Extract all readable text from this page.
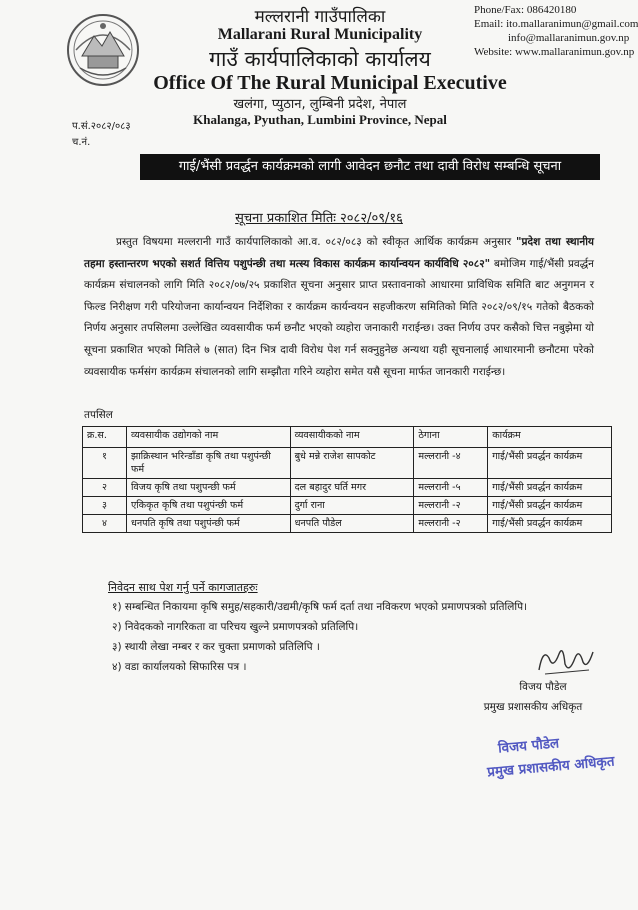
मल्लरानी गाउँपालिका
Mallarani Rural Municipality
गाउँ कार्यपालिकाको कार्यालय
Office Of The Rural Municipal Executive
खलंगा, प्युठान, लुम्बिनी प्रदेश, नेपाल
Khalanga, Pyuthan, Lumbini Province, Nepal
Phone/Fax: 086420180
Email: ito.mallaranimun@gmail.com
info@mallaranimun.gov.np
Website: www.mallaranimun.gov.np
प.सं.२०८२/०८३
च.नं.
गाई/भैंसी प्रवर्द्धन कार्यक्रमको लागी आवेदन छनौट तथा दावी विरोध सम्बन्धि सूचना
सूचना प्रकाशित मितिः २०८२/०९/१६
प्रस्तुत विषयमा मल्लरानी गाउँ कार्यपालिकाको आ.व. ०८२/०८३ को स्वीकृत आर्थिक कार्यक्रम अनुसार "प्रदेश तथा स्थानीय तहमा हस्तान्तरण भएको सशर्त वित्तिय पशुपंन्छी तथा मत्स्य विकास कार्यक्रम कार्यान्वयन कार्यविधि २०८२" बमोजिम गाई/भैंसी प्रवर्द्धन कार्यक्रम संचालनको लागि मिति २०८२/०७/२५ प्रकाशित सूचना अनुसार प्राप्त प्रस्तावनाको आधारमा प्राविधिक समिति बाट अनुगमन र फिल्ड निरीक्षण गरी परियोजना कार्यान्वयन निर्देशिका र कार्यक्रम कार्यन्वयन सहजीकरण समितिको मिति २०८२/०९/१५ गतेको बैठकको निर्णय अनुसार तपसिलमा उल्लेखित व्यवसायीक फर्म छनौट भएको व्यहोरा जनाकारी गराईन्छ। उक्त निर्णय उपर कसैको चित्त नबुझेमा यो सूचना प्रकाशित भएको मितिले ७ (सात) दिन भित्र दावी विरोध पेश गर्न सक्नुहुनेछ अन्यथा यही सूचनालाई आधारमानी छनौटमा परेको व्यवसायीक फर्मसंग कार्यक्रम संचालनको लागि सम्झौता गरिने व्यहोरा समेत यसै सूचना मार्फत जानकारी गराईन्छ।
तपसिल
क्र.स.	व्यवसायीक उद्योगको नाम	व्यवसायीकको नाम	ठेगाना	कार्यक्रम
१	झाक्रिस्थान भरिन्डाँडा कृषि तथा पशुपंन्छी फर्म	बुधे मन्ने राजेश सापकोट	मल्लरानी -४	गाई/भैंसी प्रवर्द्धन कार्यक्रम
२	विजय कृषि तथा पशुपन्छी फर्म	दल बहादुर घर्ति मगर	मल्लरानी -५	गाई/भैंसी प्रवर्द्धन कार्यक्रम
३	एकिकृत कृषि तथा पशुपंन्छी फर्म	दुर्गा राना	मल्लरानी -२	गाई/भैंसी प्रवर्द्धन कार्यक्रम
४	धनपति कृषि तथा पशुपंन्छी फर्म	धनपति पौडेल	मल्लरानी -२	गाई/भैंसी प्रवर्द्धन कार्यक्रम
निवेदन साथ पेश गर्नु पर्ने कागजातहरुः
१) सम्बन्धित निकायमा कृषि समुह/सहकारी/उद्यमी/कृषि फर्म दर्ता तथा नविकरण भएको प्रमाणपत्रको प्रतिलिपि।
२) निवेदकको नागरिकता वा परिचय खुल्ने प्रमाणपत्रको प्रतिलिपि।
३) स्थायी लेखा नम्बर र कर चुक्ता प्रमाणको प्रतिलिपि ।
४) वडा कार्यालयको सिफारिस पत्र ।
विजय पौडेल
प्रमुख प्रशासकीय अधिकृत
विजय पौडेल
प्रमुख प्रशासकीय अधिकृत
